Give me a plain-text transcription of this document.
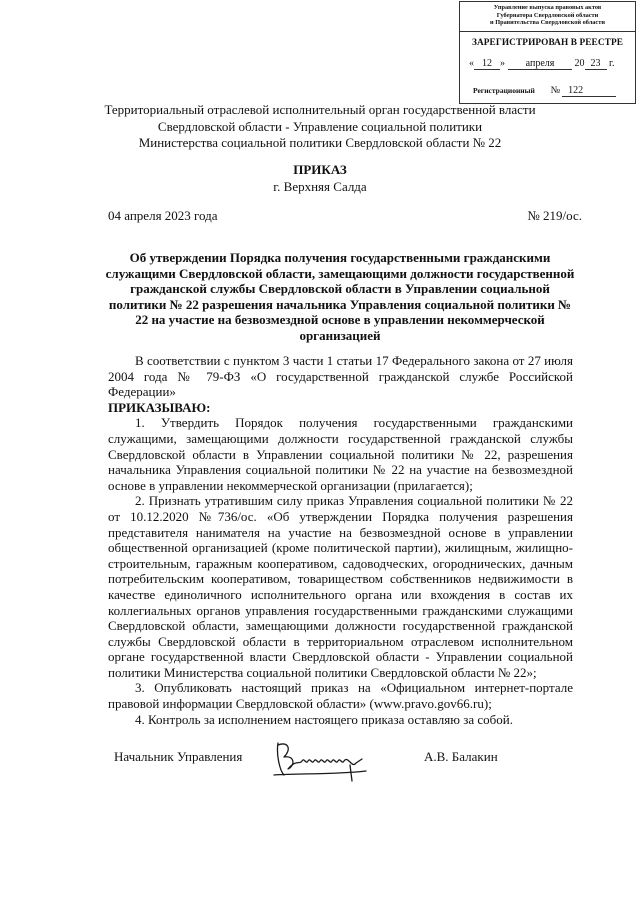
Управление выпуска правовых актов
Губернатора Свердловской области
и Правительства Свердловской области
ЗАРЕГИСТРИРОВАН В РЕЕСТРЕ
« 12 » апреля 20 23 г.
Регистрационный № 122
Территориальный отраслевой исполнительный орган государственной власти
Свердловской области - Управление социальной политики
Министерства социальной политики Свердловской области № 22
ПРИКАЗ
г. Верхняя Салда
04 апреля 2023 года	№ 219/ос.
Об утверждении Порядка получения государственными гражданскими служащими Свердловской области, замещающими должности государственной гражданской службы Свердловской области в Управлении социальной политики № 22 разрешения начальника Управления социальной политики № 22 на участие на безвозмездной основе в управлении некоммерческой организацией

В соответствии с пунктом 3 части 1 статьи 17 Федерального закона от 27 июля 2004 года № 79-ФЗ «О государственной гражданской службе Российской Федерации»

ПРИКАЗЫВАЮ:

1. Утвердить Порядок получения государственными гражданскими служащими, замещающими должности государственной гражданской службы Свердловской области в Управлении социальной политики № 22, разрешения начальника Управления социальной политики № 22 на участие на безвозмездной основе в управлении некоммерческой организации (прилагается);

2. Признать утратившим силу приказ Управления социальной политики № 22 от 10.12.2020 №736/ос. «Об утверждении Порядка получения разрешения представителя нанимателя на участие на безвозмездной основе в управлении общественной организацией (кроме политической партии), жилищным, жилищно-строительным, гаражным кооперативом, садоводческих, огороднических, дачным потребительским кооперативом, товариществом собственников недвижимости в качестве единоличного исполнительного органа или вхождения в состав их коллегиальных органов управления государственными гражданскими служащими Свердловской области, замещающими должности государственной гражданской службы Свердловской области в территориальном отраслевом исполнительном органе государственной власти Свердловской области - Управлении социальной политики Министерства социальной политики Свердловской области № 22»;

3. Опубликовать настоящий приказ на «Официальном интернет-портале правовой информации Свердловской области» (www.pravo.gov66.ru);

4. Контроль за исполнением настоящего приказа оставляю за собой.

Начальник Управления	А.В. Балакин
